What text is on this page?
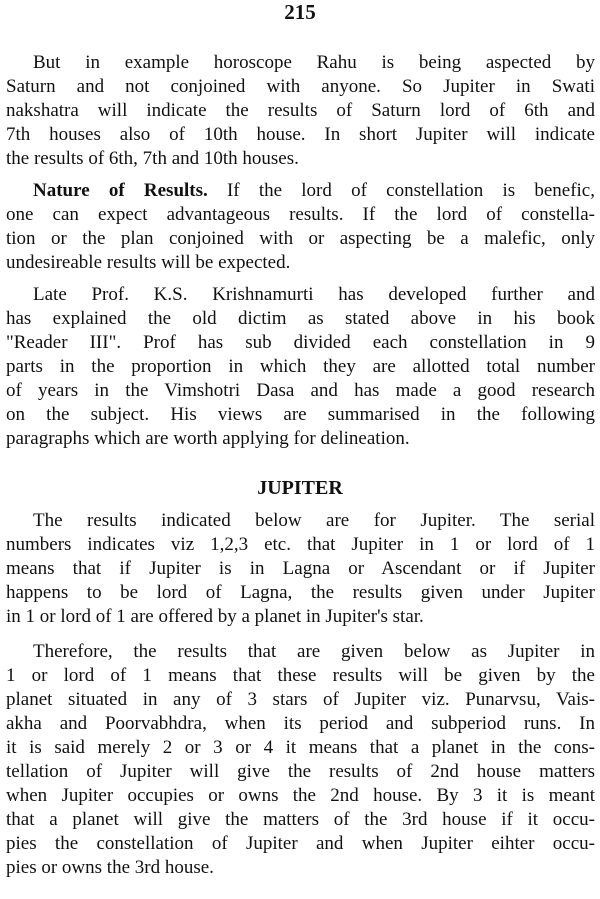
215
But in example horoscope Rahu is being aspected by
Saturn and not conjoined with anyone. So Jupiter in Swati
nakshatra will indicate the results of Saturn lord of 6th and
7th houses also of 10th house. In short Jupiter will indicate
the results of 6th, 7th and 10th houses.
Nature of Results. If the lord of constellation is benefic,
one can expect advantageous results. If the lord of constella-
tion or the plan conjoined with or aspecting be a malefic, only
undesireable results will be expected.
Late Prof. K.S. Krishnamurti has developed further and
has explained the old dictim as stated above in his book
"Reader III". Prof has sub divided each constellation in 9
parts in the proportion in which they are allotted total number
of years in the Vimshotri Dasa and has made a good research
on the subject. His views are summarised in the following
paragraphs which are worth applying for delineation.
JUPITER
The results indicated below are for Jupiter. The serial
numbers indicates viz 1,2,3 etc. that Jupiter in 1 or lord of 1
means that if Jupiter is in Lagna or Ascendant or if Jupiter
happens to be lord of Lagna, the results given under Jupiter
in 1 or lord of 1 are offered by a planet in Jupiter's star.
Therefore, the results that are given below as Jupiter in
1 or lord of 1 means that these results will be given by the
planet situated in any of 3 stars of Jupiter viz. Punarvsu, Vais-
akha and Poorvabhdra, when its period and subperiod runs. In
it is said merely 2 or 3 or 4 it means that a planet in the cons-
tellation of Jupiter will give the results of 2nd house matters
when Jupiter occupies or owns the 2nd house. By 3 it is meant
that a planet will give the matters of the 3rd house if it occu-
pies the constellation of Jupiter and when Jupiter eihter occu-
pies or owns the 3rd house.
